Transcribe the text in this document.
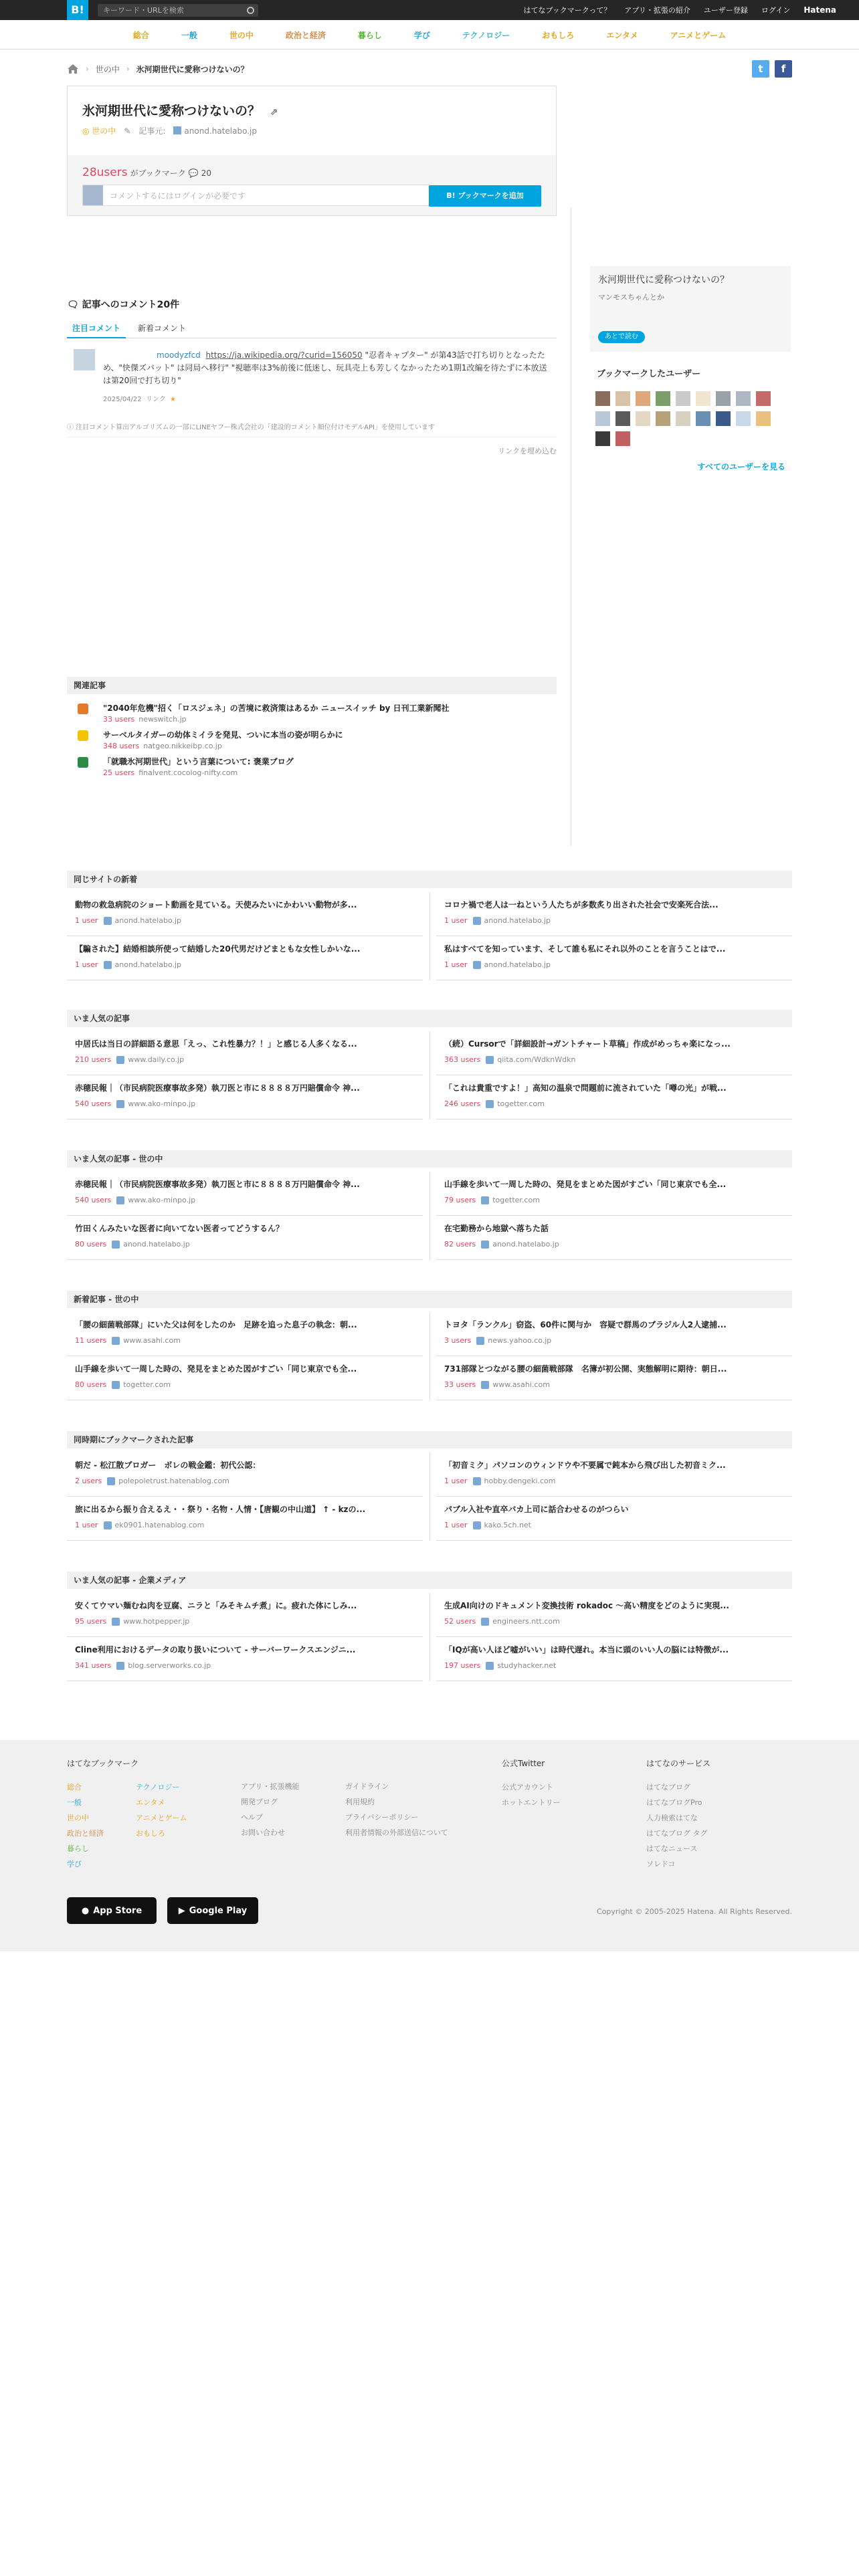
B!	キーワード・URLを検索	はてなブックマークって？ アプリ・拡張の紹介 ユーザー登録 ログイン Hatena
総合	一般	世の中	政治と経済	暮らし	学び	テクノロジー	おもしろ	エンタメ	アニメとゲーム
› 世の中 › 氷河期世代に愛称つけないの？	t	f
氷河期世代に愛称つけないの？ ⇗
◎ 世の中 ✎ 記事元:	anond.hatelabo.jp
28users がブックマーク 💬 20
コメントするにはログインが必要です	B! ブックマークを追加
🗨 記事へのコメント20件
注目コメント	新着コメント
moodyzfcd https://ja.wikipedia.org/?curid=156050 "忍者キャプター" が第43話で打ち切りとなったため、"快傑ズバット" は同局へ移行" "視聴率は3%前後に低迷し、玩具売上も芳しくなかったため1期1改編を待たずに本放送は第20回で打ち切り"
2025/04/22 リンク ★
ⓘ 注目コメント算出アルゴリズムの一部にLINEヤフー株式会社の「建設的コメント順位付けモデルAPI」を使用しています
リンクを埋め込む
関連記事
"2040年危機"招く「ロスジェネ」の苦境に救済策はあるか ニュースイッチ by 日刊工業新聞社
33 users newswitch.jp
サーベルタイガーの幼体ミイラを発見、ついに本当の姿が明らかに
348 users natgeo.nikkeibp.co.jp
「就職氷河期世代」という言葉について: 褒業ブログ
25 users finalvent.cocolog-nifty.com
氷河期世代に愛称つけないの？
マンモスちゃんとか
あとで読む
ブックマークしたユーザー
すべてのユーザーを見る
同じサイトの新着
動物の救急病院のショート動画を見ている。天使みたいにかわいい動物が多...
1 user anond.hatelabo.jp
【騙された】結婚相談所使って結婚した20代男だけどまともな女性しかいな...
1 user anond.hatelabo.jp
コロナ禍で老人は一ねという人たちが多数炙り出された社会で安楽死合法...
1 user anond.hatelabo.jp
私はすべてを知っています、そして誰も私にそれ以外のことを言うことはで...
1 user anond.hatelabo.jp
いま人気の記事
中居氏は当日の詳細語る意思「えっ、これ性暴力？！」と感じる人多くなる...
210 users www.daily.co.jp
赤穂民報｜（市民病院医療事故多発）執刀医と市に８８８８万円賠償命令 神...
540 users www.ako-minpo.jp
（続）Cursorで「詳細設計→ガントチャート草稿」作成がめっちゃ楽になっ...
363 users qiita.com/WdknWdkn
「これは貴重ですよ！」高知の温泉で問題前に流されていた「噂の光」が戦...
246 users togetter.com
いま人気の記事 - 世の中
赤穂民報｜（市民病院医療事故多発）執刀医と市に８８８８万円賠償命令 神...
540 users www.ako-minpo.jp
竹田くんみたいな医者に向いてない医者ってどうするん？
80 users anond.hatelabo.jp
山手線を歩いて一周した時の、発見をまとめた図がすごい「同じ東京でも全...
79 users togetter.com
在宅勤務から地獄へ落ちた話
82 users anond.hatelabo.jp
新着記事 - 世の中
「腰の細菌戦部隊」にいた父は何をしたのか　足跡を追った息子の執念：朝...
11 users www.asahi.com
山手線を歩いて一周した時の、発見をまとめた図がすごい「同じ東京でも全...
80 users togetter.com
トヨタ「ランクル」窃盗、60件に関与か　容疑で群馬のブラジル人2人逮捕...
3 users news.yahoo.co.jp
731部隊とつながる腰の細菌戦部隊　名簿が初公開、実態解明に期待：朝日...
33 users www.asahi.com
同時期にブックマークされた記事
朝だ - 松江散プロガー　ボレの戦金鑑：初代公認：
2 users polepoletrust.hatenablog.com
旅に出るから振り合えるえ・・祭り・名物・人情・【唐観の中山道】 ↑ - kzの...
1 user ek0901.hatenablog.com
「初音ミク」パソコンのウィンドウや不要属で鈍本から飛び出した初音ミク...
1 user hobby.dengeki.com
パブル入社や直卒バカ上司に話合わせるのがつらい
1 user kako.5ch.net
いま人気の記事 - 企業メディア
安くてウマい麺むね肉を豆腐、ニラと「みそキムチ煮」に。疲れた体にしみ...
95 users www.hotpepper.jp
Cline利用におけるデータの取り扱いについて - サーバーワークスエンジニ...
341 users blog.serverworks.co.jp
生成AI向けのドキュメント変換技術 rokadoc ～高い精度をどのように実現...
52 users engineers.ntt.com
「IQが高い人ほど嘘がいい」は時代遅れ。本当に頭のいい人の脳には特徴が...
197 users studyhacker.net
はてなブックマーク
総合
一般
世の中
政治と経済
暮らし
学び
テクノロジー
エンタメ
アニメとゲーム
おもしろ
アプリ・拡張機能
開発ブログ
ヘルプ
お問い合わせ
ガイドライン
利用規約
プライバシーポリシー
利用者情報の外部送信について
公式Twitter
公式アカウント
ホットエントリー
はてなのサービス
はてなブログ
はてなブログPro
人力検索はてな
はてなブログ タグ
はてなニュース
ソレドコ
● App Store	▶ Google Play	Copyright © 2005-2025 Hatena. All Rights Reserved.
